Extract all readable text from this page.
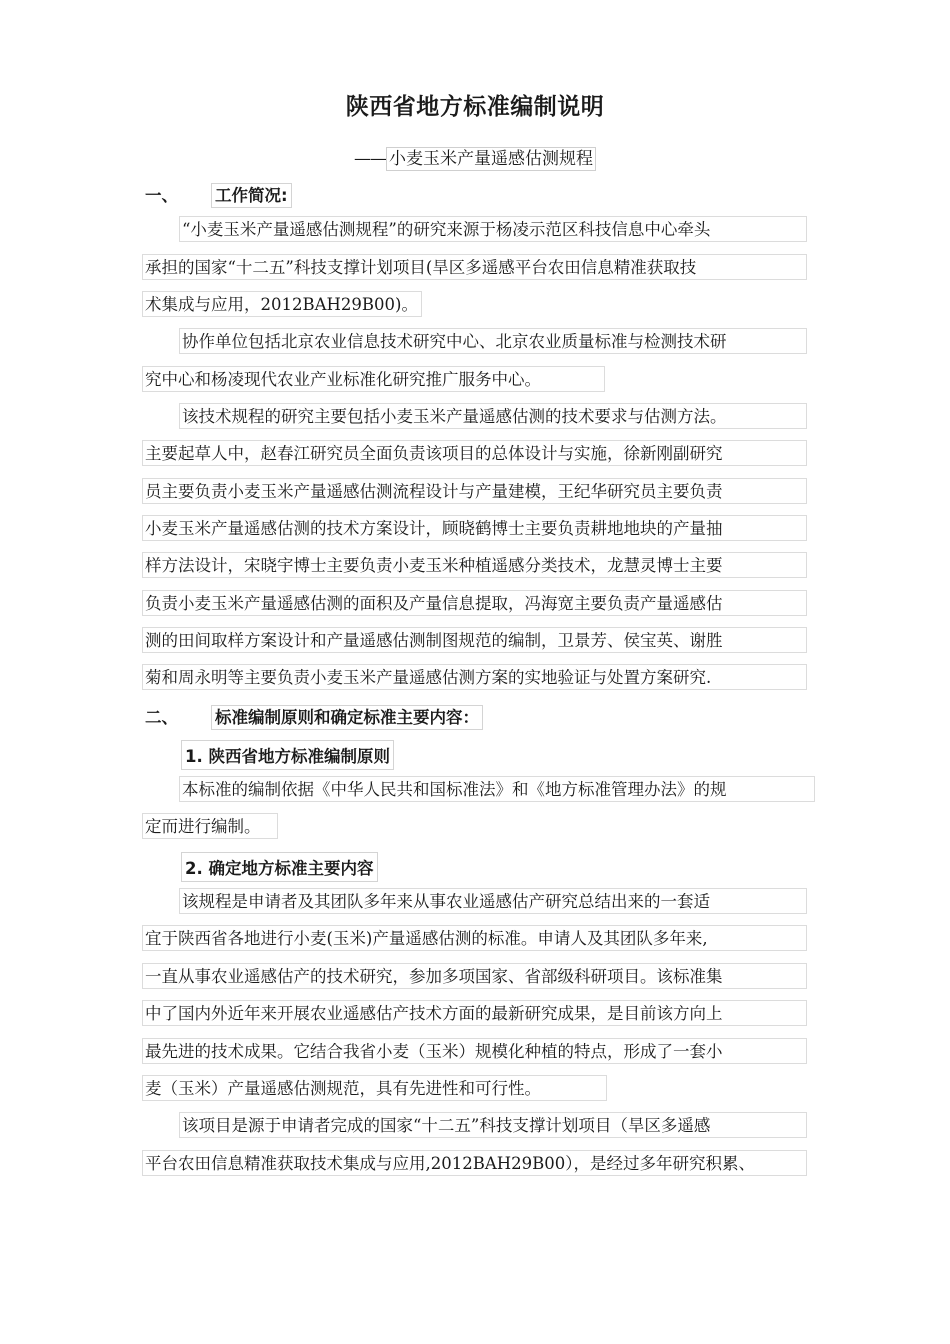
陕西省地方标准编制说明
—— 小麦玉米产量遥感估测规程
一、 工作简况:
“小麦玉米产量遥感估测规程”的研究来源于杨凌示范区科技信息中心牵头
承担的国家“十二五”科技支撑计划项目(旱区多遥感平台农田信息精准获取技
术集成与应用，2012BAH29B00)。
协作单位包括北京农业信息技术研究中心、北京农业质量标准与检测技术研
究中心和杨凌现代农业产业标准化研究推广服务中心。
该技术规程的研究主要包括小麦玉米产量遥感估测的技术要求与估测方法。
主要起草人中，赵春江研究员全面负责该项目的总体设计与实施，徐新刚副研究
员主要负责小麦玉米产量遥感估测流程设计与产量建模，王纪华研究员主要负责
小麦玉米产量遥感估测的技术方案设计，顾晓鹤博士主要负责耕地地块的产量抽
样方法设计，宋晓宇博士主要负责小麦玉米种植遥感分类技术，龙慧灵博士主要
负责小麦玉米产量遥感估测的面积及产量信息提取，冯海宽主要负责产量遥感估
测的田间取样方案设计和产量遥感估测制图规范的编制，卫景芳、侯宝英、谢胜
菊和周永明等主要负责小麦玉米产量遥感估测方案的实地验证与处置方案研究.
二、 标准编制原则和确定标准主要内容：
1. 陕西省地方标准编制原则
本标准的编制依据《中华人民共和国标准法》和《地方标准管理办法》的规
定而进行编制。
2. 确定地方标准主要内容
该规程是申请者及其团队多年来从事农业遥感估产研究总结出来的一套适
宜于陕西省各地进行小麦(玉米)产量遥感估测的标准。申请人及其团队多年来,
一直从事农业遥感估产的技术研究，参加多项国家、省部级科研项目。该标准集
中了国内外近年来开展农业遥感估产技术方面的最新研究成果，是目前该方向上
最先进的技术成果。它结合我省小麦（玉米）规模化种植的特点，形成了一套小
麦（玉米）产量遥感估测规范，具有先进性和可行性。
该项目是源于申请者完成的国家“十二五”科技支撑计划项目（旱区多遥感
平台农田信息精准获取技术集成与应用,2012BAH29B00），是经过多年研究积累、
